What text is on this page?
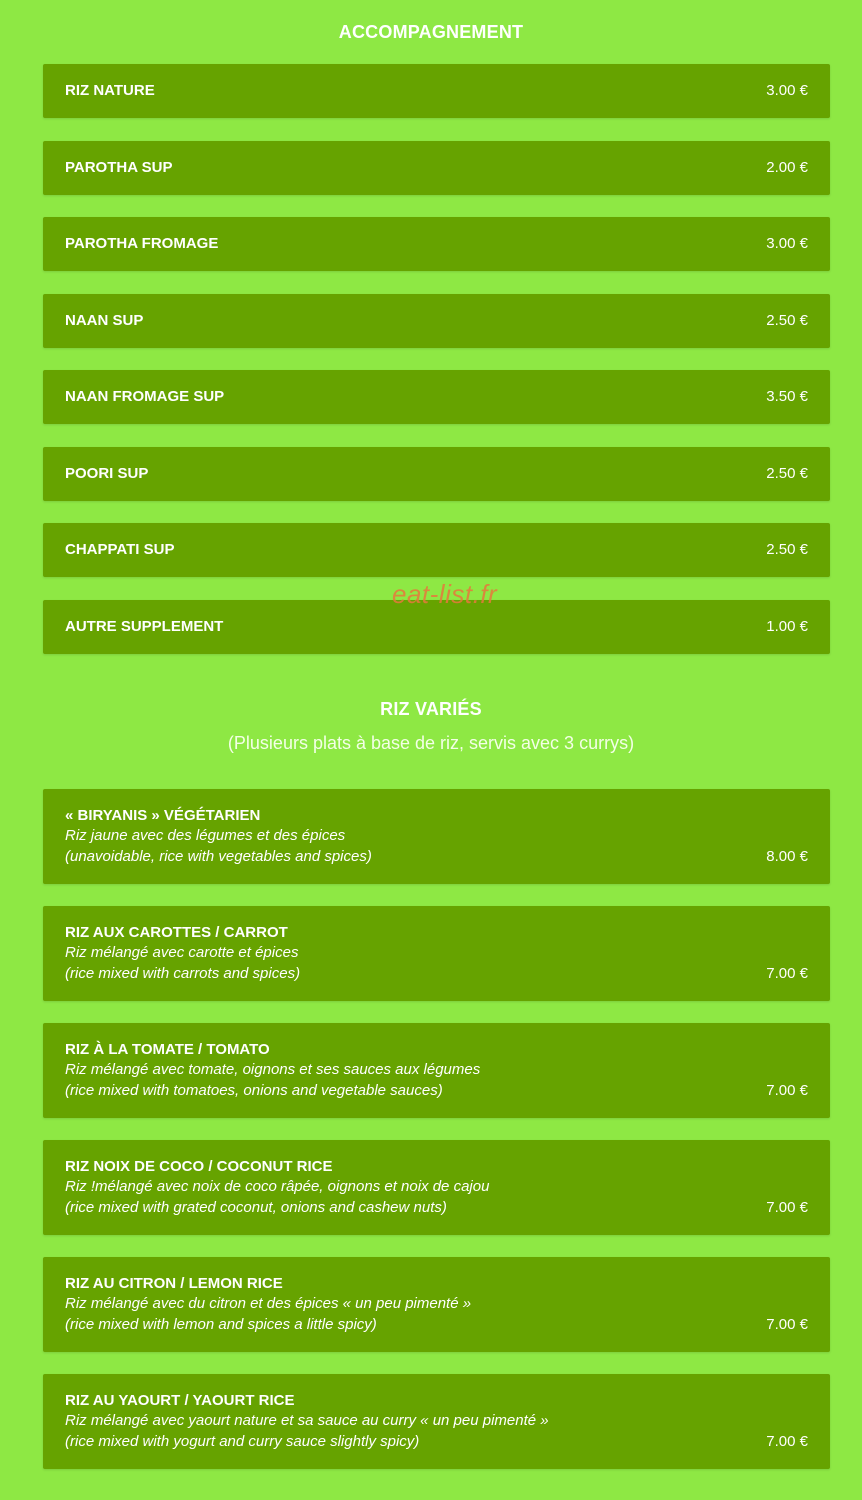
ACCOMPAGNEMENT
RIZ NATURE	3.00 €
PAROTHA SUP	2.00 €
PAROTHA FROMAGE	3.00 €
NAAN SUP	2.50 €
NAAN FROMAGE SUP	3.50 €
POORI SUP	2.50 €
CHAPPATI SUP	2.50 €
AUTRE SUPPLEMENT	1.00 €
eat-list.fr
RIZ VARIÉS
(Plusieurs plats à base de riz, servis avec 3 currys)
« BIRYANIS » VÉGÉTARIEN
Riz jaune avec des légumes et des épices
(unavoidable, rice with vegetables and spices)	8.00 €
RIZ AUX CAROTTES / CARROT
Riz mélangé avec carotte et épices
(rice mixed with carrots and spices)	7.00 €
RIZ À LA TOMATE / TOMATO
Riz mélangé avec tomate, oignons et ses sauces aux légumes
(rice mixed with tomatoes, onions and vegetable sauces)	7.00 €
RIZ NOIX DE COCO / COCONUT RICE
Riz !mélangé avec noix de coco râpée, oignons et noix de cajou
(rice mixed with grated coconut, onions and cashew nuts)	7.00 €
RIZ AU CITRON / LEMON RICE
Riz mélangé avec du citron et des épices « un peu pimenté »
(rice mixed with lemon and spices a little spicy)	7.00 €
RIZ AU YAOURT / YAOURT RICE
Riz mélangé avec yaourt nature et sa sauce au curry « un peu pimenté »
(rice mixed with yogurt and curry sauce slightly spicy)	7.00 €
